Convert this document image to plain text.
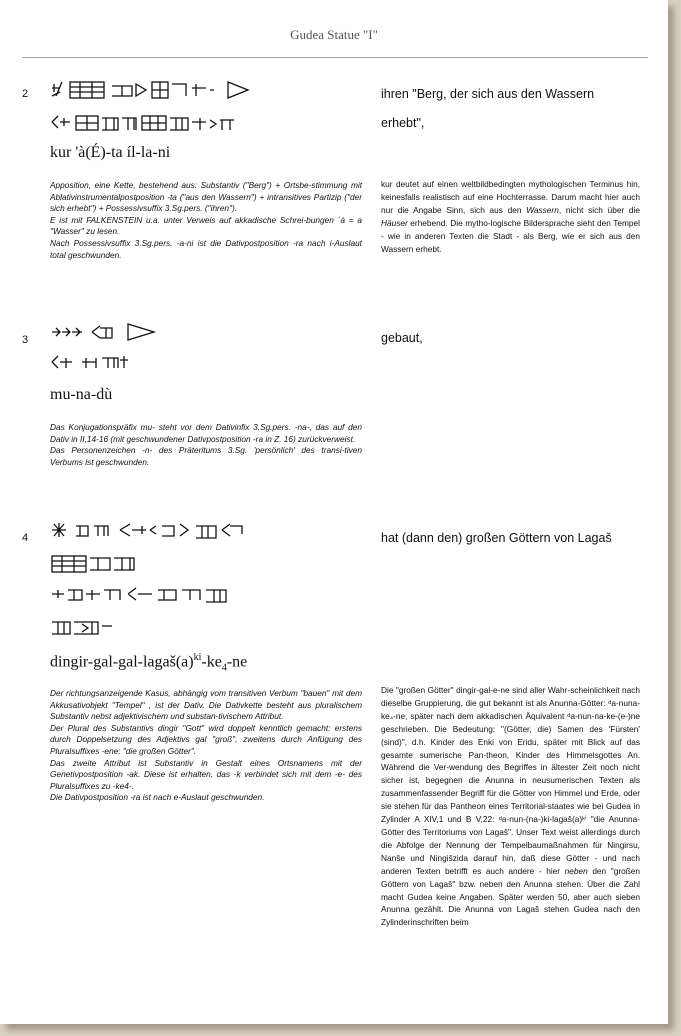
Gudea Statue "I"
2
kur 'à(É)-ta íl-la-ni

Apposition, eine Kette, bestehend aus: Substantiv ("Berg") + Ortsbe-stimmung mit Ablativinstrumentalpostposition -ta ("aus den Wassern") + intransitives Partizip ("der sich erhebt") + Possessivsuffix 3.Sg.pers. ("ihren").

E ist mit FALKENSTEIN u.a. unter Verweis auf akkadische Schrei-bungen ´à = a "Wasser" zu lesen.

Nach Possessivsuffix 3.Sg.pers. -a-ni ist die Dativpostposition -ra nach i-Auslaut total geschwunden.

ihren "Berg, der sich aus den Wassern
erhebt",

kur deutet auf einen weltbildbedingten mythologischen Terminus hin, keinesfalls realistisch auf eine Hochterrasse. Darum macht hier auch nur die Angabe Sinn, sich aus den Wassern, nicht sich über die Häuser erhebend. Die mytho-logische Bildersprache sieht den Tempel - wie in anderen Texten die Stadt - als Berg, wie er sich aus den Wassern erhebt.

3
mu-na-dù

Das Konjugationspräfix mu- steht vor dem Dativinfix 3.Sg.pers. -na-, das auf den Dativ in II,14-16 (mit geschwundener Dativpostposition -ra in Z. 16) zurückverweist.

Das Personenzeichen -n- des Präteritums 3.Sg. 'persönlich' des transi-tiven Verbums ist geschwunden.

gebaut,
4
dingir-$gal-gal-lagaš(a)^{ki}-ke_4-ne$

Der richtungsanzeigende Kasus, abhängig vom transitiven Verbum "bauen" mit dem Akkusativobjekt "Tempel" , ist der Dativ. Die Dativkette besteht aus pluralischem Substantiv nebst adjektivischem und substan-tivischem Attribut.

Der Plural des Substantivs dingir "Gott" wird doppelt kenntlich gemacht: erstens durch Doppelsetzung des Adjektivs gal "groß", zweitens durch Anfügung des Pluralsuffixes -ene: "die großen Götter".

Das zweite Attribut ist Substantiv in Gestalt eines Ortsnamens mit der Genetivpostposition -ak. Diese ist erhalten, das -k verbindet sich mit dem -e- des Pluralsuffixes zu -ke4-.

Die Dativpostposition -ra ist nach e-Auslaut geschwunden.

hat (dann den) großen Göttern von Lagaš

Die "großen Götter" dingir-gal-e-ne sind aller Wahr-scheinlichkeit nach dieselbe Gruppierung, die gut bekannt ist als Anunna-Götter: ᵈa-nuna-ke₄-ne, später nach dem akkadischen Äquivalent ᵈa-nun-na-ke-(e-)ne geschrieben. Die Bedeutung: "(Götter, die) Samen des 'Fürsten' (sind)", d.h. Kinder des Enki von Eridu, später mit Blick auf das gesamte sumerische Pan-theon, Kinder des Himmelsgottes An. Während die Ver-wendung des Begriffes in ältester Zeit noch nicht sicher ist, begegnen die Anunna in neusumerischen Texten als zusammenfassender Begriff für die Götter von Himmel und Erde, oder sie stehen für das Pantheon eines Territorial-staates wie bei Gudea in Zylinder A XIV,1 und B V,22: ᵈa-nun-(na-)ki-lagaš(a)ᵏⁱ "die Anunna-Götter des Territoriums von Lagaš". Unser Text weist allerdings durch die Abfolge der Nennung der Tempelbaumaßnahmen für Ningirsu, Nanše und Ningišzida darauf hin, daß diese Götter - und nach anderen Texten betrifft es auch andere - hier neben den "großen Göttern von Lagaš" bzw. neben den Anunna stehen. Über die Zahl macht Gudea keine Angaben. Später werden 50, aber auch sieben Anunna gezählt. Die Anunna von Lagaš stehen Gudea nach den Zylinderinschriften beim
